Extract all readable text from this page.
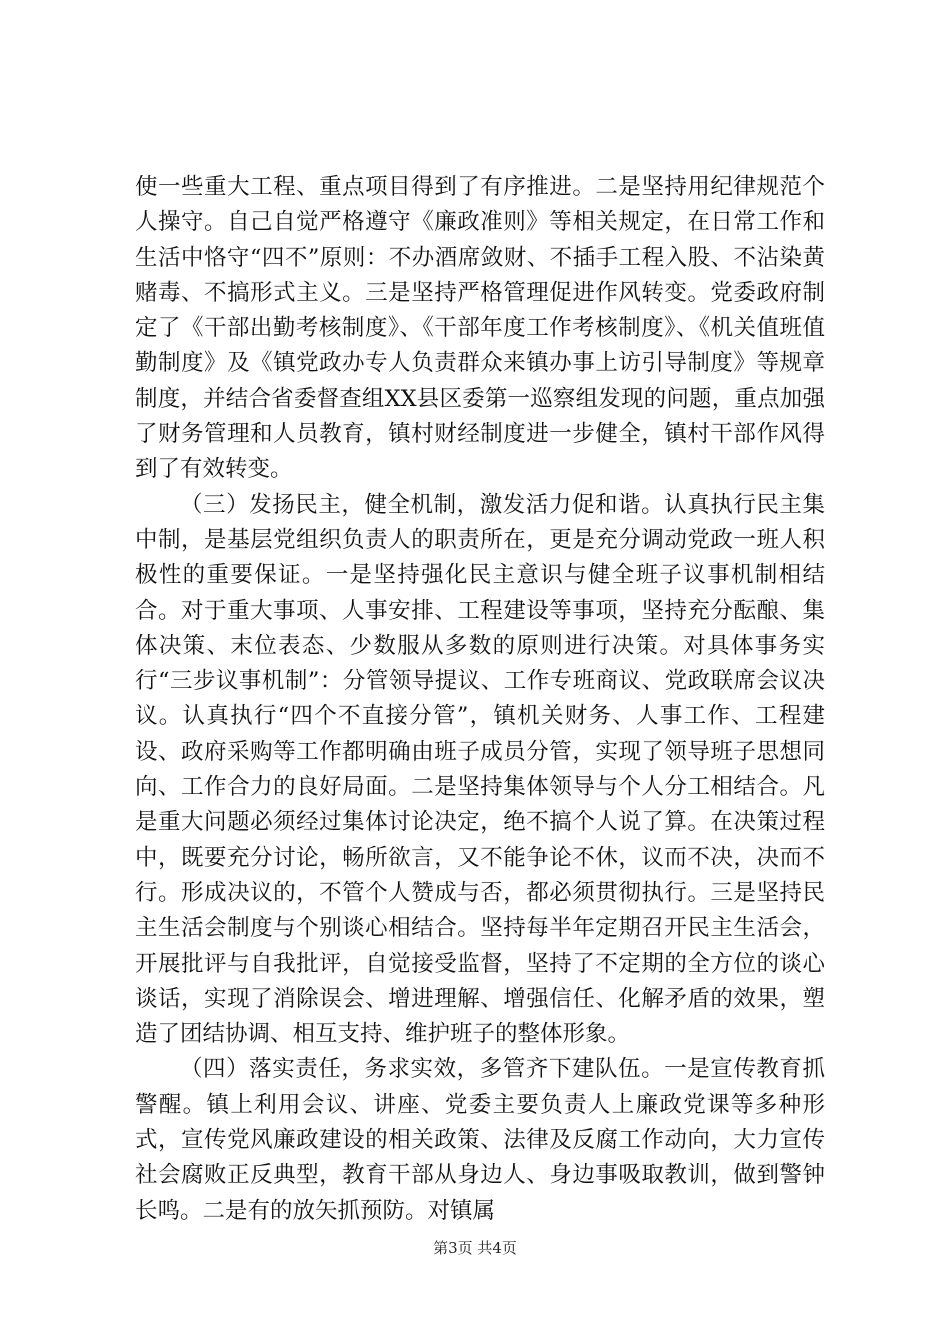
使一些重大工程、重点项目得到了有序推进。二是坚持用纪律规范个人操守。自己自觉严格遵守《廉政准则》等相关规定，在日常工作和生活中恪守“四不”原则：不办酒席敛财、不插手工程入股、不沾染黄赌毒、不搞形式主义。三是坚持严格管理促进作风转变。党委政府制定了《干部出勤考核制度》、《干部年度工作考核制度》、《机关值班值勤制度》及《镇党政办专人负责群众来镇办事上访引导制度》等规章制度，并结合省委督查组XX县区委第一巡察组发现的问题，重点加强了财务管理和人员教育，镇村财经制度进一步健全，镇村干部作风得到了有效转变。

（三）发扬民主，健全机制，激发活力促和谐。认真执行民主集中制，是基层党组织负责人的职责所在，更是充分调动党政一班人积极性的重要保证。一是坚持强化民主意识与健全班子议事机制相结合。对于重大事项、人事安排、工程建设等事项，坚持充分酝酿、集体决策、末位表态、少数服从多数的原则进行决策。对具体事务实行“三步议事机制”：分管领导提议、工作专班商议、党政联席会议决议。认真执行“四个不直接分管”，镇机关财务、人事工作、工程建设、政府采购等工作都明确由班子成员分管，实现了领导班子思想同向、工作合力的良好局面。二是坚持集体领导与个人分工相结合。凡是重大问题必须经过集体讨论决定，绝不搞个人说了算。在决策过程中，既要充分讨论，畅所欲言，又不能争论不休，议而不决，决而不行。形成决议的，不管个人赞成与否，都必须贯彻执行。三是坚持民主生活会制度与个别谈心相结合。坚持每半年定期召开民主生活会，开展批评与自我批评，自觉接受监督，坚持了不定期的全方位的谈心谈话，实现了消除误会、增进理解、增强信任、化解矛盾的效果，塑造了团结协调、相互支持、维护班子的整体形象。

（四）落实责任，务求实效，多管齐下建队伍。一是宣传教育抓警醒。镇上利用会议、讲座、党委主要负责人上廉政党课等多种形式，宣传党风廉政建设的相关政策、法律及反腐工作动向，大力宣传社会腐败正反典型，教育干部从身边人、身边事吸取教训，做到警钟长鸣。二是有的放矢抓预防。对镇属

第3页 共4页
